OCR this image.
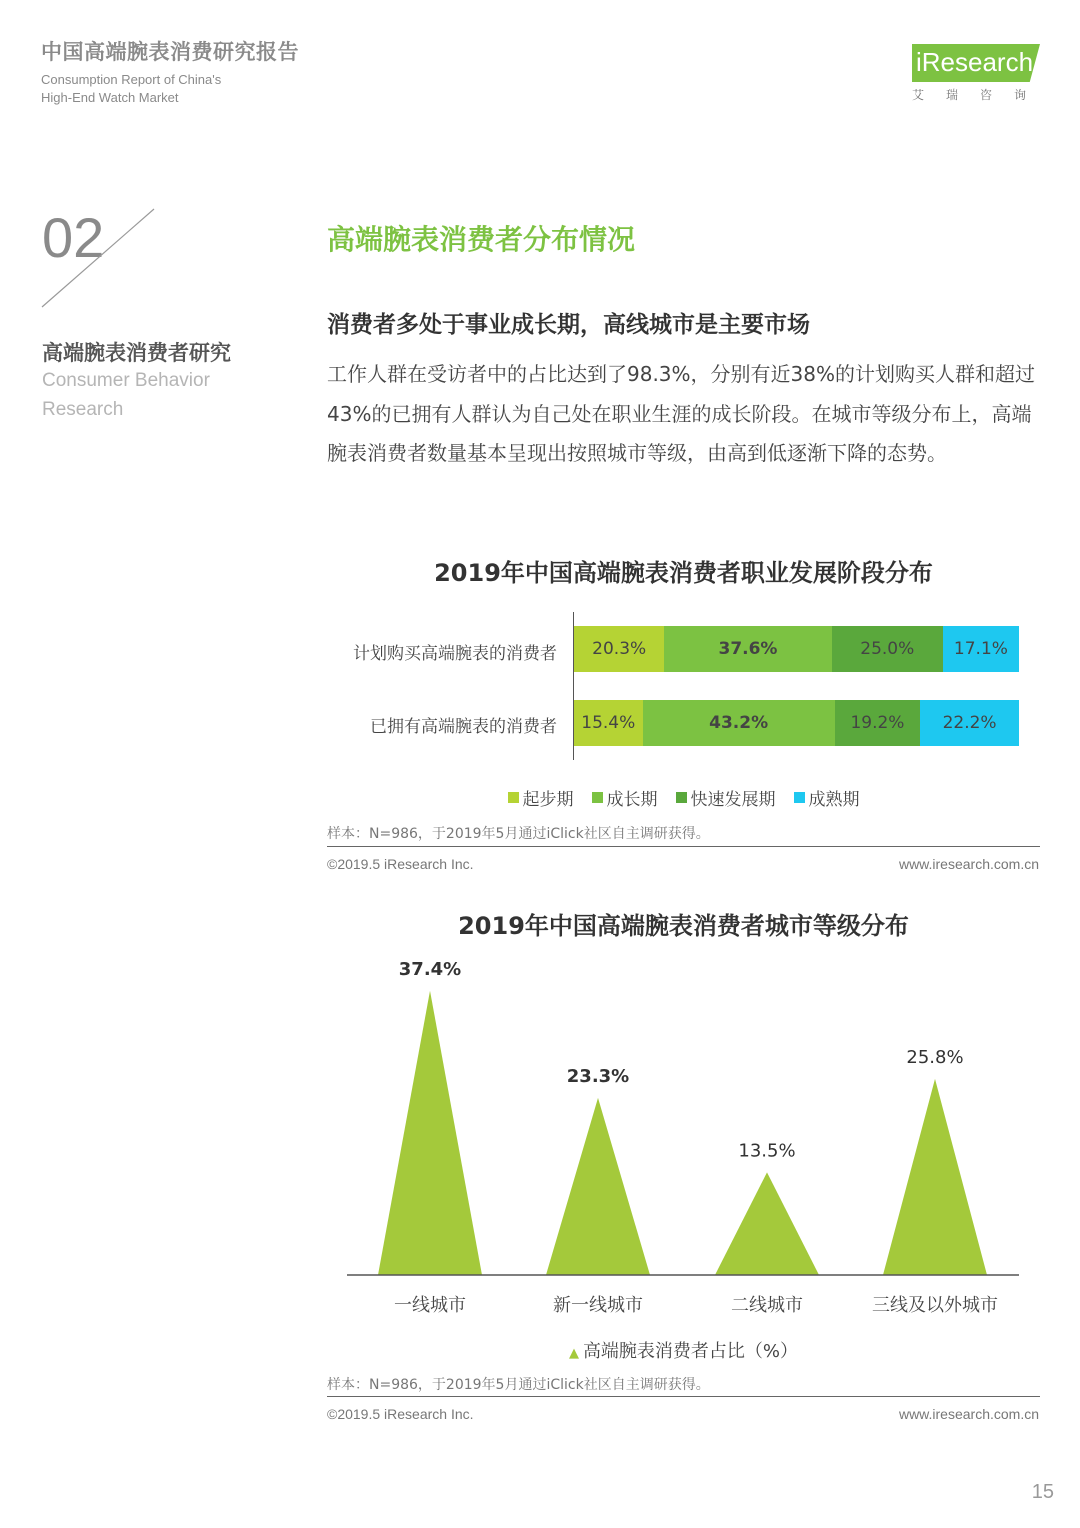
中国高端腕表消费研究报告
Consumption Report of China's
High-End Watch Market
iResearch
艾瑞咨询
02
高端腕表消费者研究
Consumer Behavior
Research
高端腕表消费者分布情况
消费者多处于事业成长期，高线城市是主要市场
工作人群在受访者中的占比达到了98.3%，分别有近38%的计划购买人群和超过43%的已拥有人群认为自己处在职业生涯的成长阶段。在城市等级分布上，高端腕表消费者数量基本呈现出按照城市等级，由高到低逐渐下降的态势。
2019年中国高端腕表消费者职业发展阶段分布
计划购买高端腕表的消费者
已拥有高端腕表的消费者
20.3%	37.6%	25.0%	17.1%
15.4%	43.2%	19.2%	22.2%
起步期 成长期 快速发展期 成熟期
样本：N=986，于2019年5月通过iClick社区自主调研获得。
©2019.5 iResearch Inc.	www.iresearch.com.cn
2019年中国高端腕表消费者城市等级分布
37.4%
一线城市
23.3%
新一线城市
13.5%
二线城市
25.8%
三线及以外城市
▲ 高端腕表消费者占比（%）
样本：N=986，于2019年5月通过iClick社区自主调研获得。
©2019.5 iResearch Inc.	www.iresearch.com.cn
15
